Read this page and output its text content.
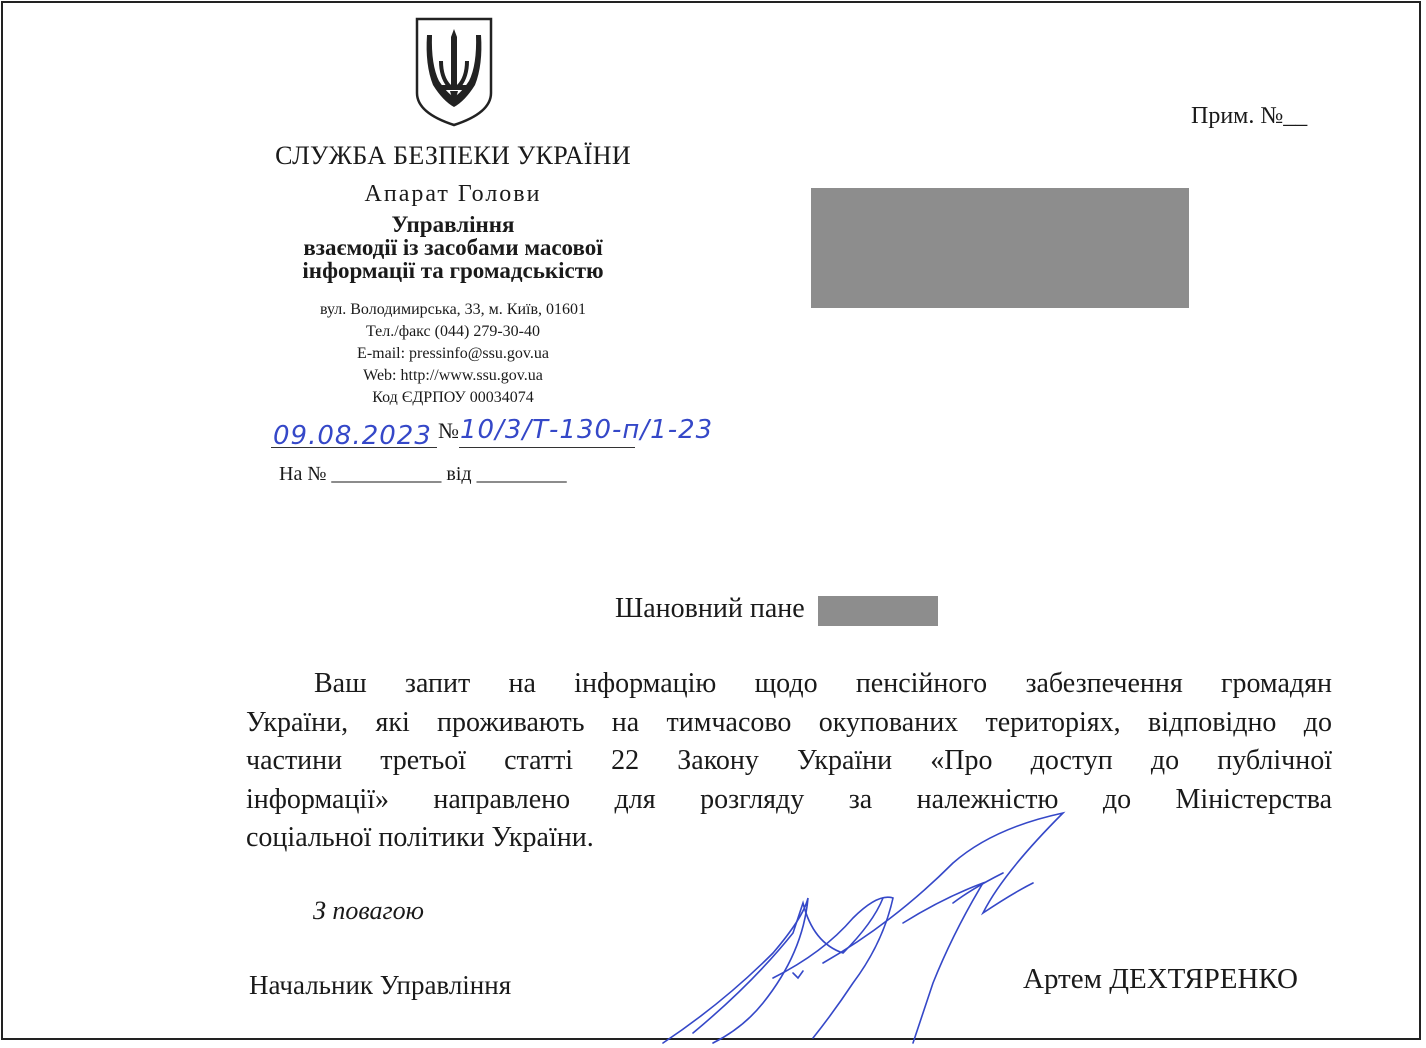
СЛУЖБА БЕЗПЕКИ УКРАЇНИ
Апарат Голови
Управління
взаємодії із засобами масової
інформації та громадськістю
вул. Володимирська, 33, м. Київ, 01601
Тел./факс (044) 279-30-40
E-mail: pressinfo@ssu.gov.ua
Web: http://www.ssu.gov.ua
Код ЄДРПОУ 00034074
Прим. №__
09.08.2023 №10/3/Т-130-п/1-23
На № ___________ від _________
Шановний пане
Ваш запит на інформацію щодо пенсійного забезпечення громадян
України, які проживають на тимчасово окупованих територіях, відповідно до
частини третьої статті 22 Закону України «Про доступ до публічної
інформації» направлено для розгляду за належністю до Міністерства
соціальної політики України.
З повагою
Начальник Управління	Артем ДЕХТЯРЕНКО
